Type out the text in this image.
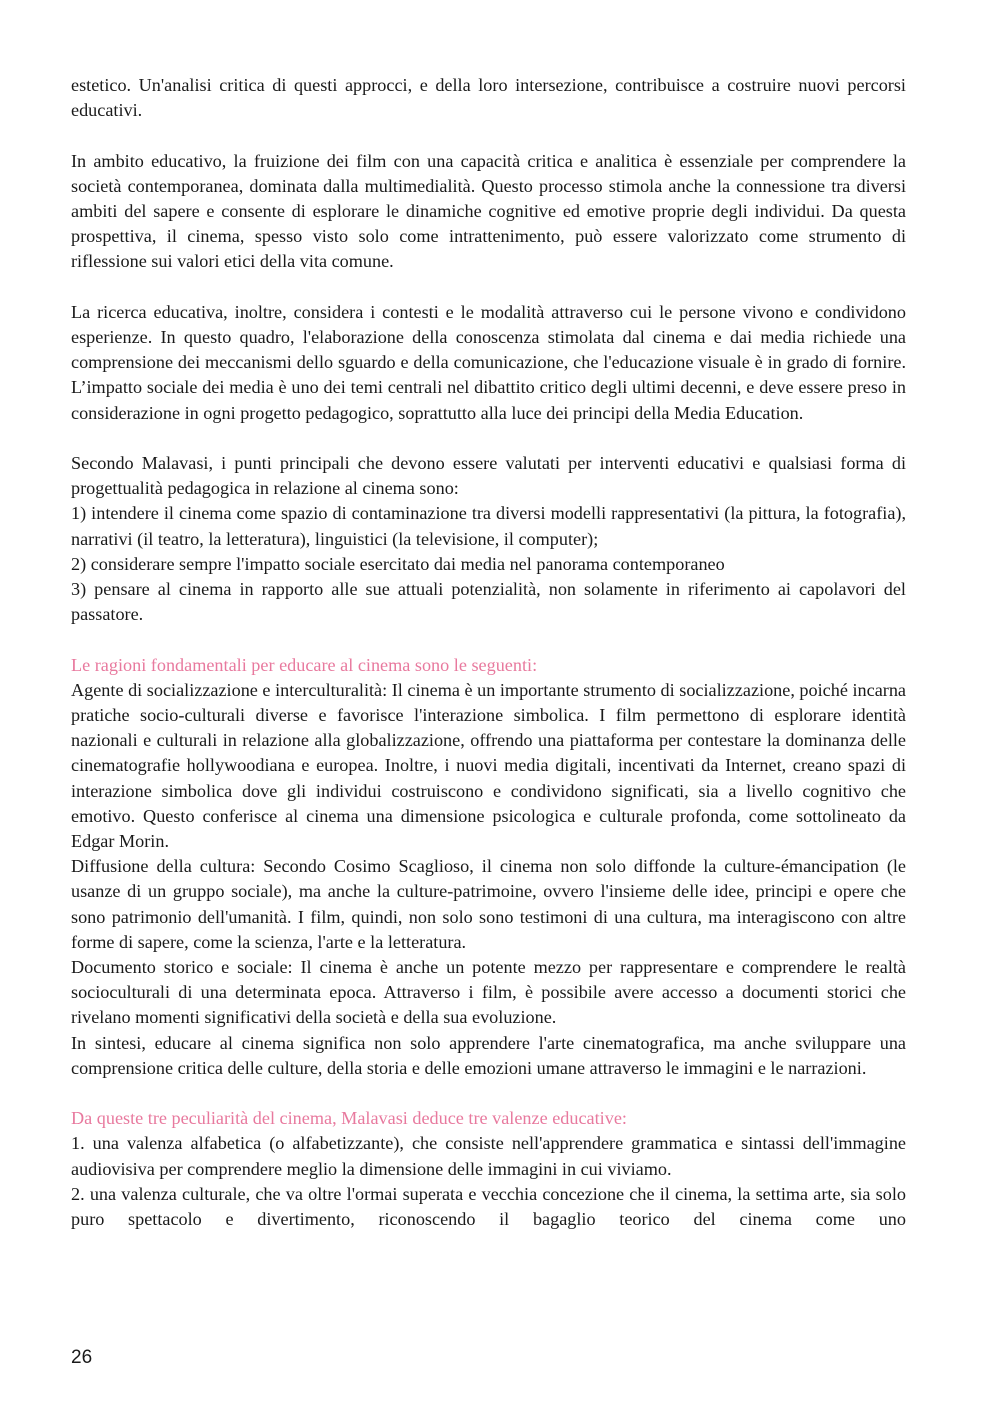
estetico. Un'analisi critica di questi approcci, e della loro intersezione, contribuisce a costruire nuovi percorsi educativi.

In ambito educativo, la fruizione dei film con una capacità critica e analitica è essenziale per comprendere la società contemporanea, dominata dalla multimedialità. Questo processo stimola anche la connessione tra diversi ambiti del sapere e consente di esplorare le dinamiche cognitive ed emotive proprie degli individui. Da questa prospettiva, il cinema, spesso visto solo come intrattenimento, può essere valorizzato come strumento di riflessione sui valori etici della vita comune.

La ricerca educativa, inoltre, considera i contesti e le modalità attraverso cui le persone vivono e condividono esperienze. In questo quadro, l'elaborazione della conoscenza stimolata dal cinema e dai media richiede una comprensione dei meccanismi dello sguardo e della comunicazione, che l'educazione visuale è in grado di fornire. L’impatto sociale dei media è uno dei temi centrali nel dibattito critico degli ultimi decenni, e deve essere preso in considerazione in ogni progetto pedagogico, soprattutto alla luce dei principi della Media Education.

Secondo Malavasi, i punti principali che devono essere valutati per interventi educativi e qualsiasi forma di progettualità pedagogica in relazione al cinema sono:

1) intendere il cinema come spazio di contaminazione tra diversi modelli rappresentativi (la pittura, la fotografia), narrativi (il teatro, la letteratura), linguistici (la televisione, il computer);

2) considerare sempre l'impatto sociale esercitato dai media nel panorama contemporaneo

3) pensare al cinema in rapporto alle sue attuali potenzialità, non solamente in riferimento ai capolavori del passatore.

Le ragioni fondamentali per educare al cinema sono le seguenti:

Agente di socializzazione e interculturalità: Il cinema è un importante strumento di socializzazione, poiché incarna pratiche socio-culturali diverse e favorisce l'interazione simbolica. I film permettono di esplorare identità nazionali e culturali in relazione alla globalizzazione, offrendo una piattaforma per contestare la dominanza delle cinematografie hollywoodiana e europea. Inoltre, i nuovi media digitali, incentivati da Internet, creano spazi di interazione simbolica dove gli individui costruiscono e condividono significati, sia a livello cognitivo che emotivo. Questo conferisce al cinema una dimensione psicologica e culturale profonda, come sottolineato da Edgar Morin.

Diffusione della cultura: Secondo Cosimo Scaglioso, il cinema non solo diffonde la culture-émancipation (le usanze di un gruppo sociale), ma anche la culture-patrimoine, ovvero l'insieme delle idee, principi e opere che sono patrimonio dell'umanità. I film, quindi, non solo sono testimoni di una cultura, ma interagiscono con altre forme di sapere, come la scienza, l'arte e la letteratura.

Documento storico e sociale: Il cinema è anche un potente mezzo per rappresentare e comprendere le realtà socioculturali di una determinata epoca. Attraverso i film, è possibile avere accesso a documenti storici che rivelano momenti significativi della società e della sua evoluzione.

In sintesi, educare al cinema significa non solo apprendere l'arte cinematografica, ma anche sviluppare una comprensione critica delle culture, della storia e delle emozioni umane attraverso le immagini e le narrazioni.

Da queste tre peculiarità del cinema, Malavasi deduce tre valenze educative:

1. una valenza alfabetica (o alfabetizzante), che consiste nell'apprendere grammatica e sintassi dell'immagine audiovisiva per comprendere meglio la dimensione delle immagini in cui viviamo.

2. una valenza culturale, che va oltre l'ormai superata e vecchia concezione che il cinema, la settima arte, sia solo puro spettacolo e divertimento, riconoscendo il bagaglio teorico del cinema come uno

26
